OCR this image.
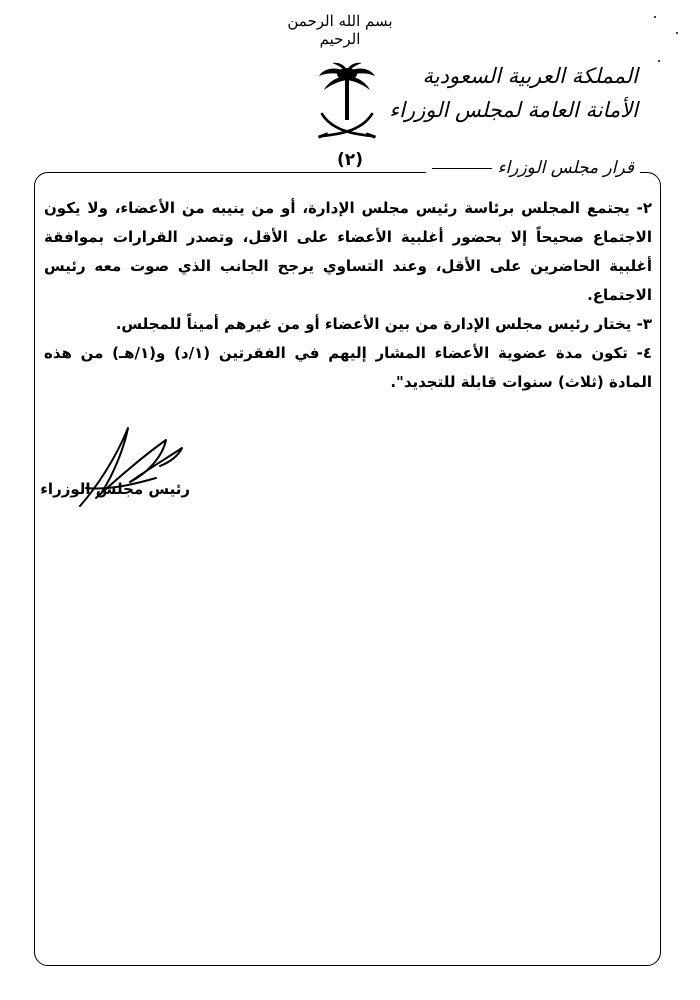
بسم الله الرحمن الرحيم
المملكة العربية السعودية
الأمانة العامة لمجلس الوزراء
(٢)	قرار مجلس الوزراء

٢- يجتمع المجلس برئاسة رئيس مجلس الإدارة، أو من ينيبه من الأعضاء، ولا يكون الاجتماع صحيحاً إلا بحضور أغلبية الأعضاء على الأقل، وتصدر القرارات بموافقة أغلبية الحاضرين على الأقل، وعند التساوي يرجح الجانب الذي صوت معه رئيس الاجتماع.

٣- يختار رئيس مجلس الإدارة من بين الأعضاء أو من غيرهم أميناً للمجلس.

٤- تكون مدة عضوية الأعضاء المشار إليهم في الفقرتين (١/د) و(١/هـ) من هذه المادة (ثلاث) سنوات قابلة للتجديد".

رئيس مجلس الوزراء
